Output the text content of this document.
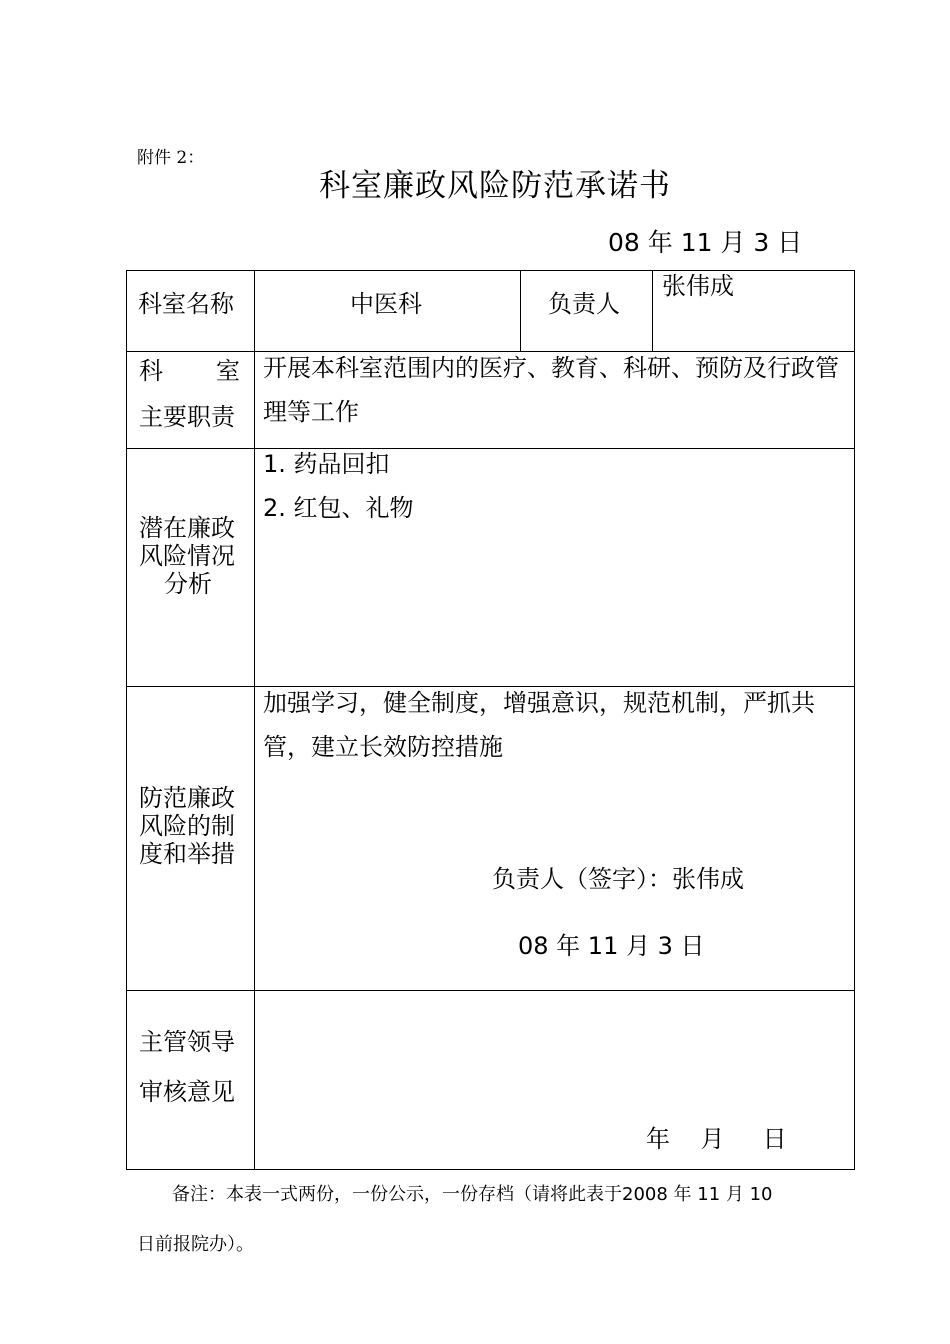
附件 2：
科室廉政风险防范承诺书
08 年 11 月 3 日
科室名称	中医科	负责人
张伟成
科 室
主要职责
开展本科室范围内的医疗、教育、科研、预防及行政管理等工作
潜在廉政
风险情况
分析
1. 药品回扣
2. 红包、礼物
防范廉政
风险的制
度和举措
加强学习，健全制度，增强意识，规范机制，严抓共管，建立长效防控措施
负责人（签字）：张伟成
08 年 11 月 3 日
主管领导
审核意见
年    月     日
备注：本表一式两份，一份公示，一份存档（请将此表于2008 年 11 月 10
日前报院办）。
